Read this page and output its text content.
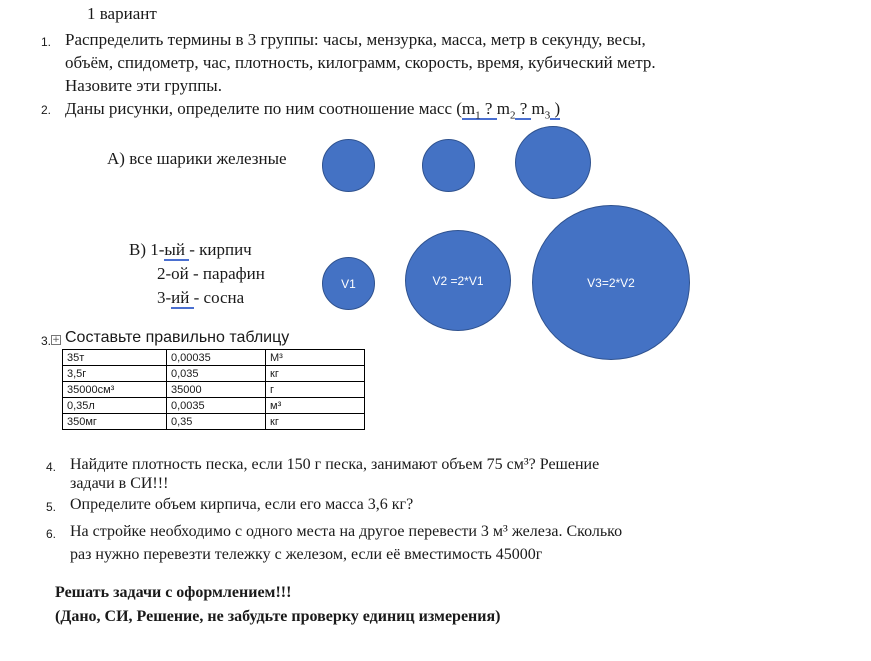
1 вариант
1. Распределить термины в 3 группы: часы, мензурка, масса, метр в секунду, весы,
объём, спидометр, час, плотность, килограмм, скорость, время, кубический метр.
Назовите эти группы.
2. Даны рисунки, определите по ним соотношение масс ($m_1$ ? $m_2$ ? $m_3$ )
А) все шарики железные
В) 1-ый - кирпич
2-ой - парафин
3-ий - сосна
V1	V2 =2*V1	V3=2*V2
3. + Составьте правильно таблицу
35т	0,00035	М³
3,5г	0,035	кг
35000см³	35000	г
0,35л	0,0035	м³
350мг	0,35	кг
4. Найдите плотность песка, если 150 г песка, занимают объем 75 см³? Решение
задачи в СИ!!!
5. Определите объем кирпича, если его масса 3,6 кг?
6. На стройке необходимо с одного места на другое перевести 3 м³ железа. Сколько
раз нужно перевезти тележку с железом, если её вместимость 45000г
Решать задачи с оформлением!!!
(Дано, СИ, Решение, не забудьте проверку единиц измерения)
